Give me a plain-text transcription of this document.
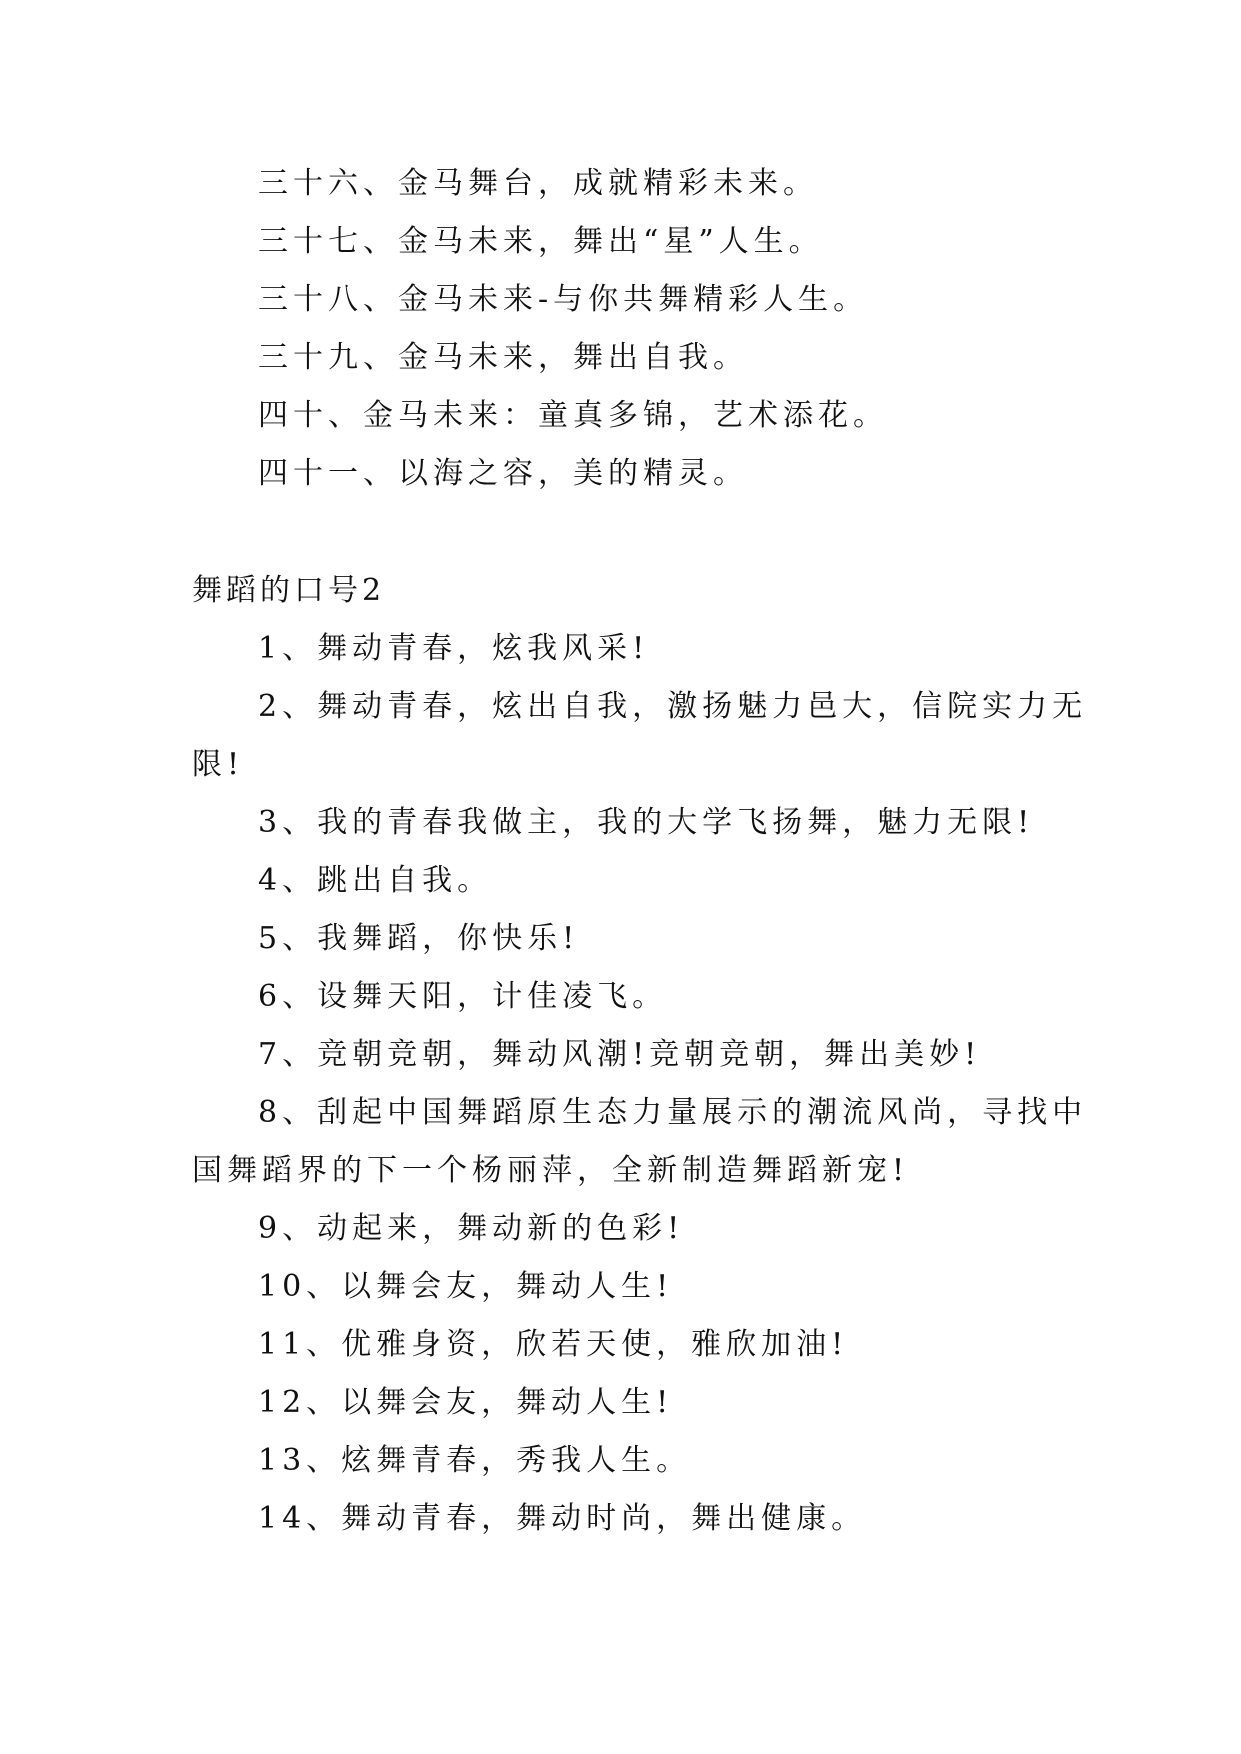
三十六、金马舞台，成就精彩未来。
三十七、金马未来，舞出“星”人生。
三十八、金马未来-与你共舞精彩人生。
三十九、金马未来，舞出自我。
四十、金马未来：童真多锦，艺术添花。
四十一、以海之容，美的精灵。
舞蹈的口号2
1、舞动青春，炫我风采!
2、舞动青春，炫出自我，激扬魅力邑大，信院实力无
限!
3、我的青春我做主，我的大学飞扬舞，魅力无限!
4、跳出自我。
5、我舞蹈，你快乐!
6、设舞天阳，计佳凌飞。
7、竞朝竞朝，舞动风潮!竞朝竞朝，舞出美妙!
8、刮起中国舞蹈原生态力量展示的潮流风尚，寻找中
国舞蹈界的下一个杨丽萍，全新制造舞蹈新宠!
9、动起来，舞动新的色彩!
10、以舞会友，舞动人生!
11、优雅身资，欣若天使，雅欣加油!
12、以舞会友，舞动人生!
13、炫舞青春，秀我人生。
14、舞动青春，舞动时尚，舞出健康。
